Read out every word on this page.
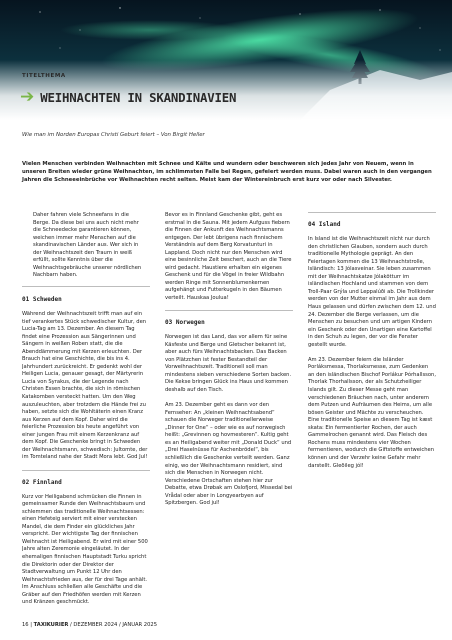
TITELTHEMA
➔ WEIHNACHTEN IN SKANDINAVIEN
Wie man im Norden Europas Christi Geburt feiert – Von Birgit Heller
Vielen Menschen verbinden Weihnachten mit Schnee und Kälte und wundern oder beschweren sich jedes Jahr von Neuem, wenn in unseren Breiten wieder grüne Weihnachten, im schlimmsten Falle bei Regen, gefeiert werden muss. Dabei waren auch in den vergangen Jahren die Schneeeinbrüche vor Weihnachten recht selten. Meist kam der Wintereinbruch erst kurz vor oder nach Silvester.

Daher fahren viele Schneefans in die Berge. Da diese bei uns auch nicht mehr die Schneedecke garantieren können, weichen immer mehr Menschen auf die skandinavischen Länder aus. Wer sich in der Weihnachtszeit den Traum in weiß erfüllt, sollte Kenntnis über die Weihnachtsgebräuche unserer nördlichen Nachbarn haben.

01 Schweden

Während der Weihnachtszeit trifft man auf ein tief verankertes Stück schwedischer Kultur, den Lucia-Tag am 13. Dezember. An diesem Tag findet eine Prozession aus Sängerinnen und Sängern in weißen Roben statt, die die Abenddämmerung mit Kerzen erleuchten. Der Brauch hat eine Geschichte, die bis ins 4. Jahrhundert zurückreicht. Er gedenkt wohl der Heiligen Lucia, genauer gesagt, der Märtyrerin Lucia von Syrakus, die der Legende nach Christen Essen brachte, die sich in römischen Katakomben versteckt hatten. Um den Weg auszuleuchten, aber trotzdem die Hände frei zu haben, setzte sich die Wohltäterin einen Kranz aus Kerzen auf dem Kopf. Daher wird die feierliche Prozession bis heute angeführt von einer jungen Frau mit einem Kerzenkranz auf dem Kopf. Die Geschenke bringt in Schweden der Weihnachtsmann, schwedisch: Jultomte, der im Tomteland nahe der Stadt Mora lebt. God Jul!

02 Finnland

Kurz vor Heiligabend schmücken die Finnen in gemeinsamer Runde den Weihnachtsbaum und schlemmen das traditionelle Weihnachtsessen: einen Hefeteig serviert mit einer verstecken Mandel, die dem Finder ein glückliches Jahr verspricht. Der wichtigste Tag der finnischen Weihnacht ist Heiligabend. Er wird mit einer 500 Jahre alten Zeremonie eingeläutet. In der ehemaligen finnischen Hauptstadt Turku spricht die Direktorin oder der Direktor der Stadtverwaltung um Punkt 12 Uhr den Weihnachtsfrieden aus, der für drei Tage anhält. Im Anschluss schließen alle Geschäfte und die Gräber auf den Friedhöfen werden mit Kerzen und Kränzen geschmückt.

Bevor es in Finnland Geschenke gibt, geht es erstmal in die Sauna. Mit jedem Aufguss fiebern die Finnen der Ankunft des Weihnachtsmanns entgegen. Der lebt übrigens nach finnischem Verständnis auf dem Berg Korvatunturi in Lappland. Doch nicht nur den Menschen wird eine besinnliche Zeit beschert, auch an die Tiere wird gedacht. Haustiere erhalten ein eigenes Geschenk und für die Vögel in freier Wildbahn werden Ringe mit Sonnenblumenkernen aufgehängt und Futterkugeln in den Bäumen verteilt. Hauskaa Joulua!

03 Norwegen

Norwegen ist das Land, das vor allem für seine Käsfeste und Berge und Gletscher bekannt ist, aber auch fürs Weihnachtsbacken. Das Backen von Plätzchen ist fester Bestandteil der Vorweihnachtszeit. Traditionell soll man mindestens sieben verschiedene Sorten backen. Die Kekse bringen Glück ins Haus und kommen deshalb auf den Tisch.

Am 23. Dezember geht es dann vor den Fernseher: An „kleinen Weihnachtsabend“ schauen die Norweger traditionellerweise „Dinner for One“ – oder wie es auf norwegisch heißt: „Grevinnen og hovmesteren“. Kultig geht es an Heiligabend weiter mit „Donald Duck“ und „Drei Haselnüsse für Aschenbrödel“, bis schließlich die Geschenke verteilt werden. Ganz einig, wo der Weihnachtsmann residiert, sind sich die Menschen in Norwegen nicht. Verschiedene Ortschaften stehen hier zur Debatte, etwa Drøbak am Oslofjord, Missedal bei Vrådal oder aber in Longyearbyen auf Spitzbergen. God jul!

04 Island

In Island ist die Weihnachtszeit nicht nur durch den christlichen Glauben, sondern auch durch traditionelle Mythologie geprägt. An den Feiertagen kommen die 13 Weihnachtstrolle, Isländisch: 13 Jólasveinar. Sie leben zusammen mit der Weihnachtskatze Jólakötturr im isländischen Hochland und stammen von dem Troll-Paar Grýla und Leppalúði ab. Die Trollkinder werden von der Mutter einmal im Jahr aus dem Haus gelassen und dürfen zwischen dem 12. und 24. Dezember die Berge verlassen, um die Menschen zu besuchen und um artigen Kindern ein Geschenk oder den Unartigen eine Kartoffel in den Schuh zu legen, der vor die Fenster gestellt wurde.

Am 23. Dezember feiern die Isländer Þorláksmessa, Thorlaksmesse, zum Gedenken an den isländischen Bischof Þorlákur Þórhallsson, Thorlak Thorhallsson, der als Schutzheiliger Islands gilt. Zu dieser Messe geht man verschiedenen Bräuchen nach, unter anderem dem Putzen und Aufräumen des Heims, um alle bösen Geister und Mächte zu verscheuchen. Eine traditionelle Speise an diesem Tag ist kæst skata: Ein fermentierter Rochen, der auch Gammelrochen genannt wird. Das Fleisch des Rochens muss mindestens vier Wochen fermentieren, wodurch die Giftstoffe entweichen können und der Verzehr keine Gefahr mehr darstellt. Gleðileg jól!

16 | TAXIKURIER / DEZEMBER 2024 / JANUAR 2025
